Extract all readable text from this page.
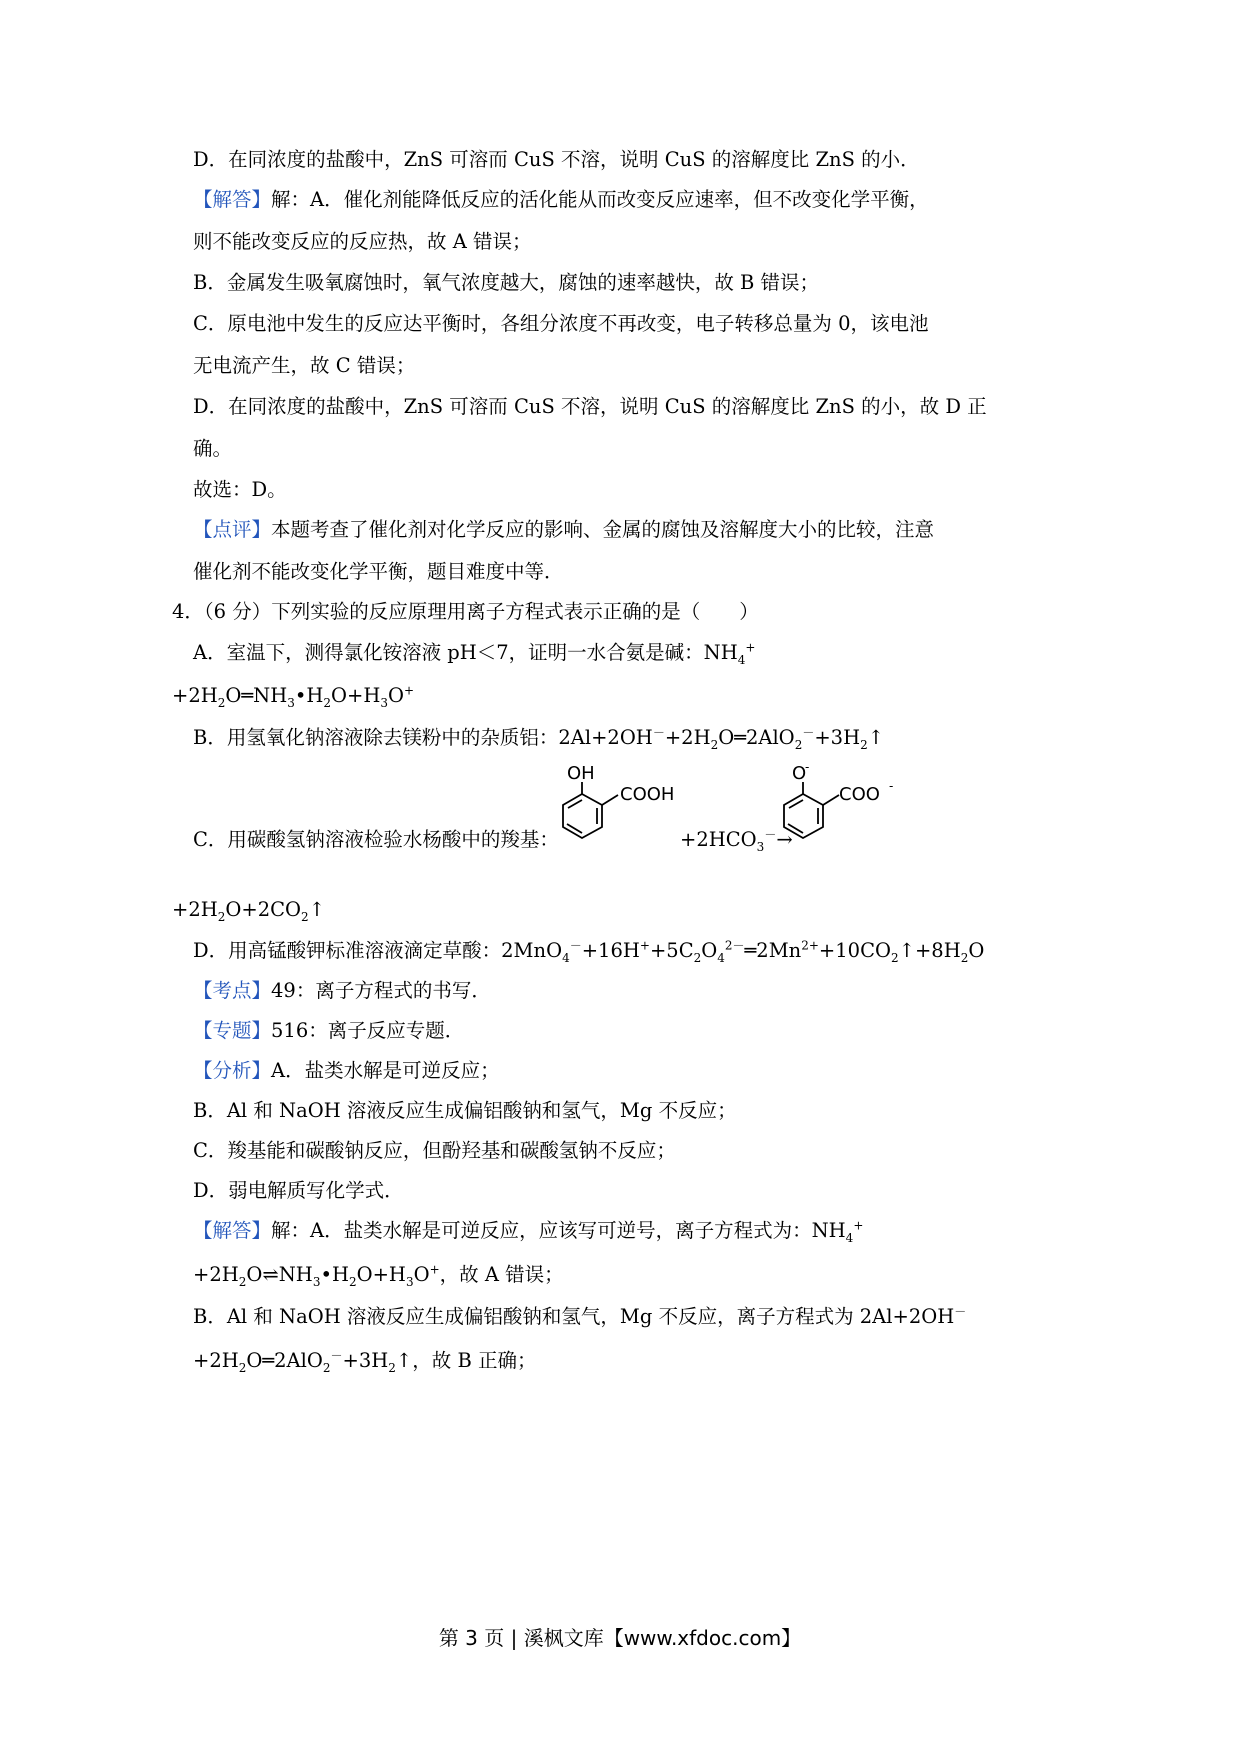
D．在同浓度的盐酸中，ZnS 可溶而 CuS 不溶，说明 CuS 的溶解度比 ZnS 的小．
【解答】解：A．催化剂能降低反应的活化能从而改变反应速率，但不改变化学平衡，
则不能改变反应的反应热，故 A 错误；
B．金属发生吸氧腐蚀时，氧气浓度越大，腐蚀的速率越快，故 B 错误；
C．原电池中发生的反应达平衡时，各组分浓度不再改变，电子转移总量为 0，该电池
无电流产生，故 C 错误；
D．在同浓度的盐酸中，ZnS 可溶而 CuS 不溶，说明 CuS 的溶解度比 ZnS 的小，故 D 正
确。
故选：D。
【点评】本题考查了催化剂对化学反应的影响、金属的腐蚀及溶解度大小的比较，注意
催化剂不能改变化学平衡，题目难度中等．
4．（6 分）下列实验的反应原理用离子方程式表示正确的是（　　）
A．室温下，测得氯化铵溶液 pH＜7，证明一水合氨是碱：$NH_4^+$
$+2H_2O═NH_3•H_2O+H_3O^+$
B．用氢氧化钠溶液除去镁粉中的杂质铝：$2Al+2OH^-+2H_2O═2AlO_2^-+3H_2↑$
C．用碳酸氢钠溶液检验水杨酸中的羧基：
OH
COOH
$+2HCO_3^-\to$
O
-
COO -
$+2H_2O+2CO_2↑$
D．用高锰酸钾标准溶液滴定草酸：$2MnO_4^-+16H^++5C_2O_4^{2-}═2Mn^{2+}+10CO_2↑+8H_2O$
【考点】49：离子方程式的书写．
【专题】516：离子反应专题．
【分析】A．盐类水解是可逆反应；
B．Al 和 NaOH 溶液反应生成偏铝酸钠和氢气，Mg 不反应；
C．羧基能和碳酸钠反应，但酚羟基和碳酸氢钠不反应；
D．弱电解质写化学式．
【解答】解：A．盐类水解是可逆反应，应该写可逆号，离子方程式为：$NH_4^+$
$+2H_2O\rightleftharpoons NH_3•H_2O+H_3O^+$，故 A 错误；
B．Al 和 NaOH 溶液反应生成偏铝酸钠和氢气，Mg 不反应，离子方程式为 2Al+2OH－
$+2H_2O═2AlO_2^-+3H_2↑$，故 B 正确；
第 3 页 | 溪枫文库【www.xfdoc.com】
